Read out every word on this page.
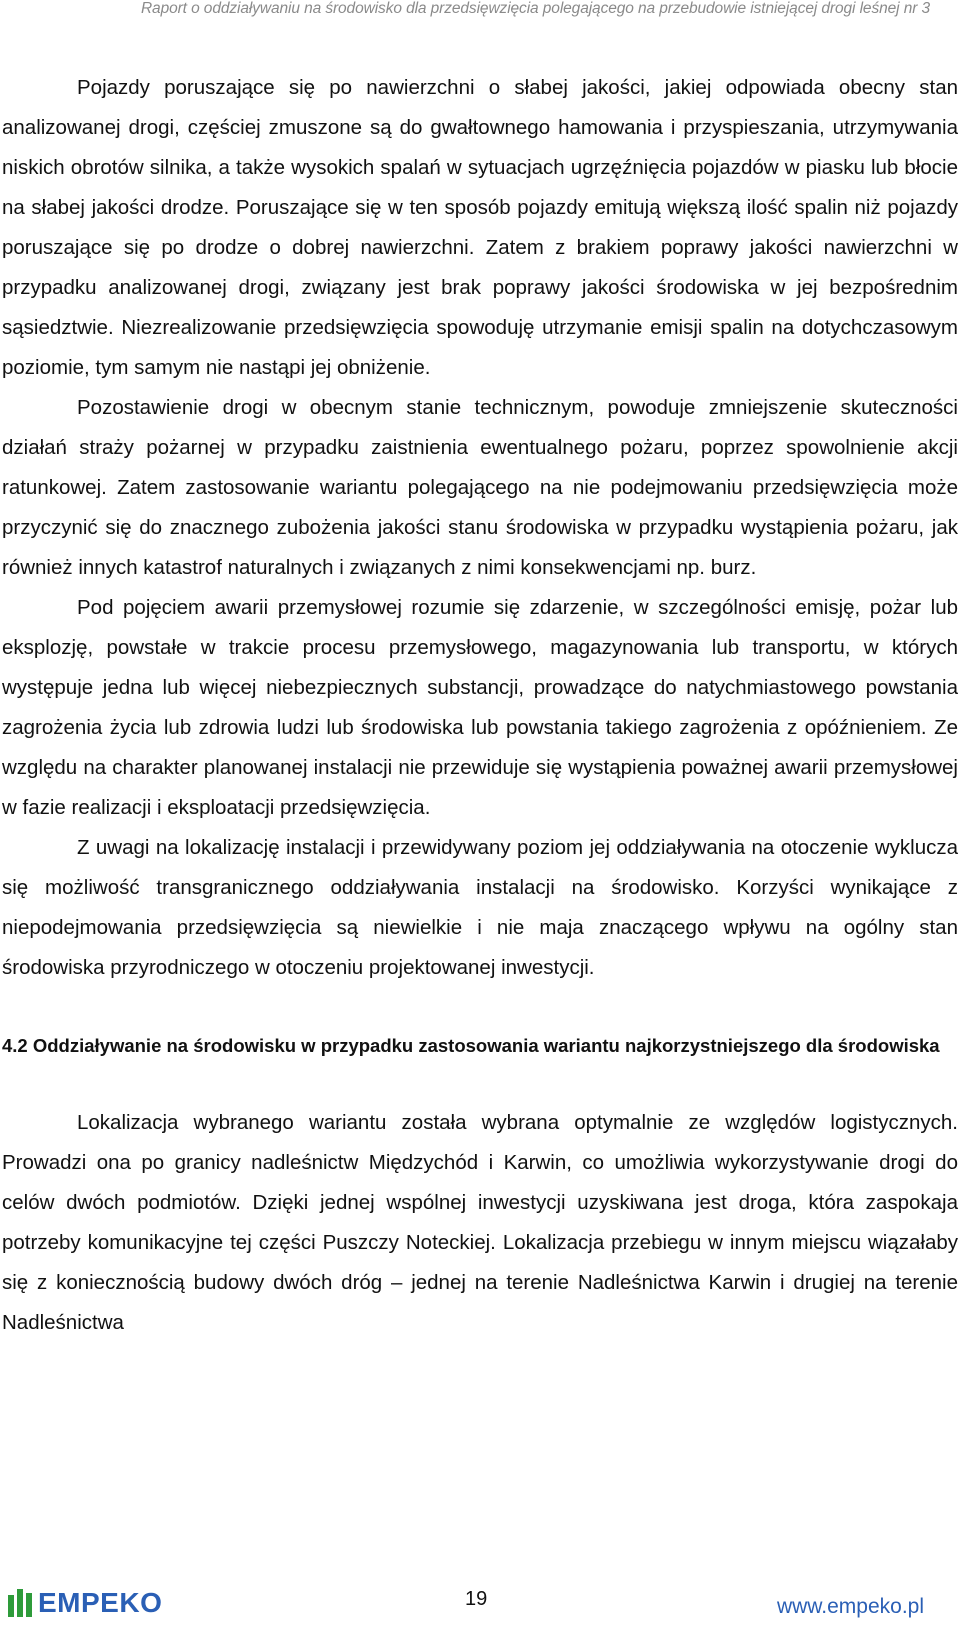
Raport o oddziaływaniu na środowisko dla przedsięwzięcia polegającego na przebudowie istniejącej drogi leśnej nr 3

Pojazdy poruszające się po nawierzchni o słabej jakości, jakiej odpowiada obecny stan analizowanej drogi, częściej zmuszone są do gwałtownego hamowania i przyspieszania, utrzymywania niskich obrotów silnika, a także wysokich spalań w sytuacjach ugrzęźnięcia pojazdów w piasku lub błocie na słabej jakości drodze. Poruszające się w ten sposób pojazdy emitują większą ilość spalin niż pojazdy poruszające się po drodze o dobrej nawierzchni. Zatem z brakiem poprawy jakości nawierzchni w przypadku analizowanej drogi, związany jest brak poprawy jakości środowiska w jej bezpośrednim sąsiedztwie. Niezrealizowanie przedsięwzięcia spowoduję utrzymanie emisji spalin na dotychczasowym poziomie, tym samym nie nastąpi jej obniżenie.

Pozostawienie drogi w obecnym stanie technicznym, powoduje zmniejszenie skuteczności działań straży pożarnej w przypadku zaistnienia ewentualnego pożaru, poprzez spowolnienie akcji ratunkowej. Zatem zastosowanie wariantu polegającego na nie podejmowaniu przedsięwzięcia może przyczynić się do znacznego zubożenia jakości stanu środowiska w przypadku wystąpienia pożaru, jak również innych katastrof naturalnych i związanych z nimi konsekwencjami np. burz.

Pod pojęciem awarii przemysłowej rozumie się zdarzenie, w szczególności emisję, pożar lub eksplozję, powstałe w trakcie procesu przemysłowego, magazynowania lub transportu, w których występuje jedna lub więcej niebezpiecznych substancji, prowadzące do natychmiastowego powstania zagrożenia życia lub zdrowia ludzi lub środowiska lub powstania takiego zagrożenia z opóźnieniem. Ze względu na charakter planowanej instalacji nie przewiduje się wystąpienia poważnej awarii przemysłowej w fazie realizacji i eksploatacji przedsięwzięcia.

Z uwagi na lokalizację instalacji i przewidywany poziom jej oddziaływania na otoczenie wyklucza się możliwość transgranicznego oddziaływania instalacji na środowisko. Korzyści wynikające z niepodejmowania przedsięwzięcia są niewielkie i nie maja znaczącego wpływu na ogólny stan środowiska przyrodniczego w otoczeniu projektowanej inwestycji.

4.2 Oddziaływanie na środowisku w przypadku zastosowania wariantu najkorzystniejszego dla środowiska

Lokalizacja wybranego wariantu została wybrana optymalnie ze względów logistycznych. Prowadzi ona po granicy nadleśnictw Międzychód i Karwin, co umożliwia wykorzystywanie drogi do celów dwóch podmiotów. Dzięki jednej wspólnej inwestycji uzyskiwana jest droga, która zaspokaja potrzeby komunikacyjne tej części Puszczy Noteckiej. Lokalizacja przebiegu w innym miejscu wiązałaby się z koniecznością budowy dwóch dróg – jednej na terenie Nadleśnictwa Karwin i drugiej na terenie Nadleśnictwa

EMPEKO	19	www.empeko.pl
